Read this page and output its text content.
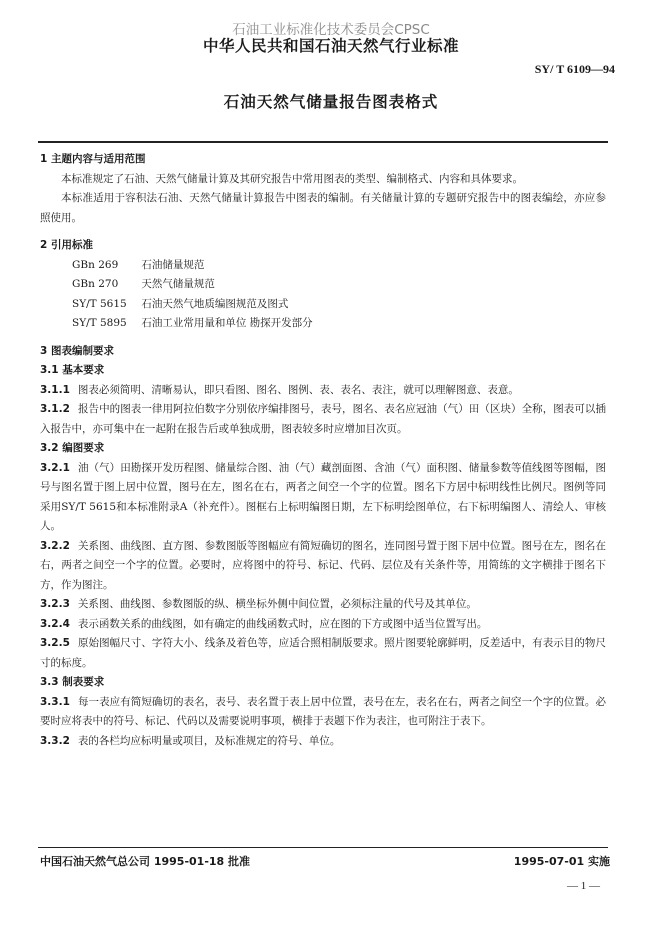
石油工业标准化技术委员会CPSC
中华人民共和国石油天然气行业标准
SY/ T 6109—94
石油天然气储量报告图表格式

1 主题内容与适用范围

本标准规定了石油、天然气储量计算及其研究报告中常用图表的类型、编制格式、内容和具体要求。

本标准适用于容积法石油、天然气储量计算报告中图表的编制。有关储量计算的专题研究报告中的图表编绘，亦应参照使用。

2 引用标准

GBn 269 石油储量规范

GBn 270 天然气储量规范

SY/T 5615 石油天然气地质编图规范及图式

SY/T 5895 石油工业常用量和单位 勘探开发部分

3 图表编制要求

3.1 基本要求

3.1.1 图表必须简明、清晰易认，即只看图、图名、图例、表、表名、表注，就可以理解图意、表意。

3.1.2 报告中的图表一律用阿拉伯数字分别依序编排图号，表号，图名、表名应冠油（气）田（区块）全称，图表可以插入报告中，亦可集中在一起附在报告后或单独成册，图表较多时应增加目次页。

3.2 编图要求

3.2.1 油（气）田勘探开发历程图、储量综合图、油（气）藏剖面图、含油（气）面积图、储量参数等值线图等图幅，图号与图名置于图上居中位置，图号在左，图名在右，两者之间空一个字的位置。图名下方居中标明线性比例尺。图例等同采用SY/T 5615和本标准附录A（补充件）。图框右上标明编图日期，左下标明绘图单位，右下标明编图人、清绘人、审核人。

3.2.2 关系图、曲线图、直方图、参数图版等图幅应有简短确切的图名，连同图号置于图下居中位置。图号在左，图名在右，两者之间空一个字的位置。必要时，应将图中的符号、标记、代码、层位及有关条件等，用简练的文字横排于图名下方，作为图注。

3.2.3 关系图、曲线图、参数图版的纵、横坐标外侧中间位置，必须标注量的代号及其单位。

3.2.4 表示函数关系的曲线图，如有确定的曲线函数式时，应在图的下方或图中适当位置写出。

3.2.5 原始图幅尺寸、字符大小、线条及着色等，应适合照相制版要求。照片图要轮廓鲜明，反差适中，有表示目的物尺寸的标度。

3.3 制表要求

3.3.1 每一表应有简短确切的表名，表号、表名置于表上居中位置，表号在左，表名在右，两者之间空一个字的位置。必要时应将表中的符号、标记、代码以及需要说明事项，横排于表题下作为表注，也可附注于表下。

3.3.2 表的各栏均应标明量或项目，及标准规定的符号、单位。

中国石油天然气总公司 1995-01-18 批准	1995-07-01 实施
— 1 —
